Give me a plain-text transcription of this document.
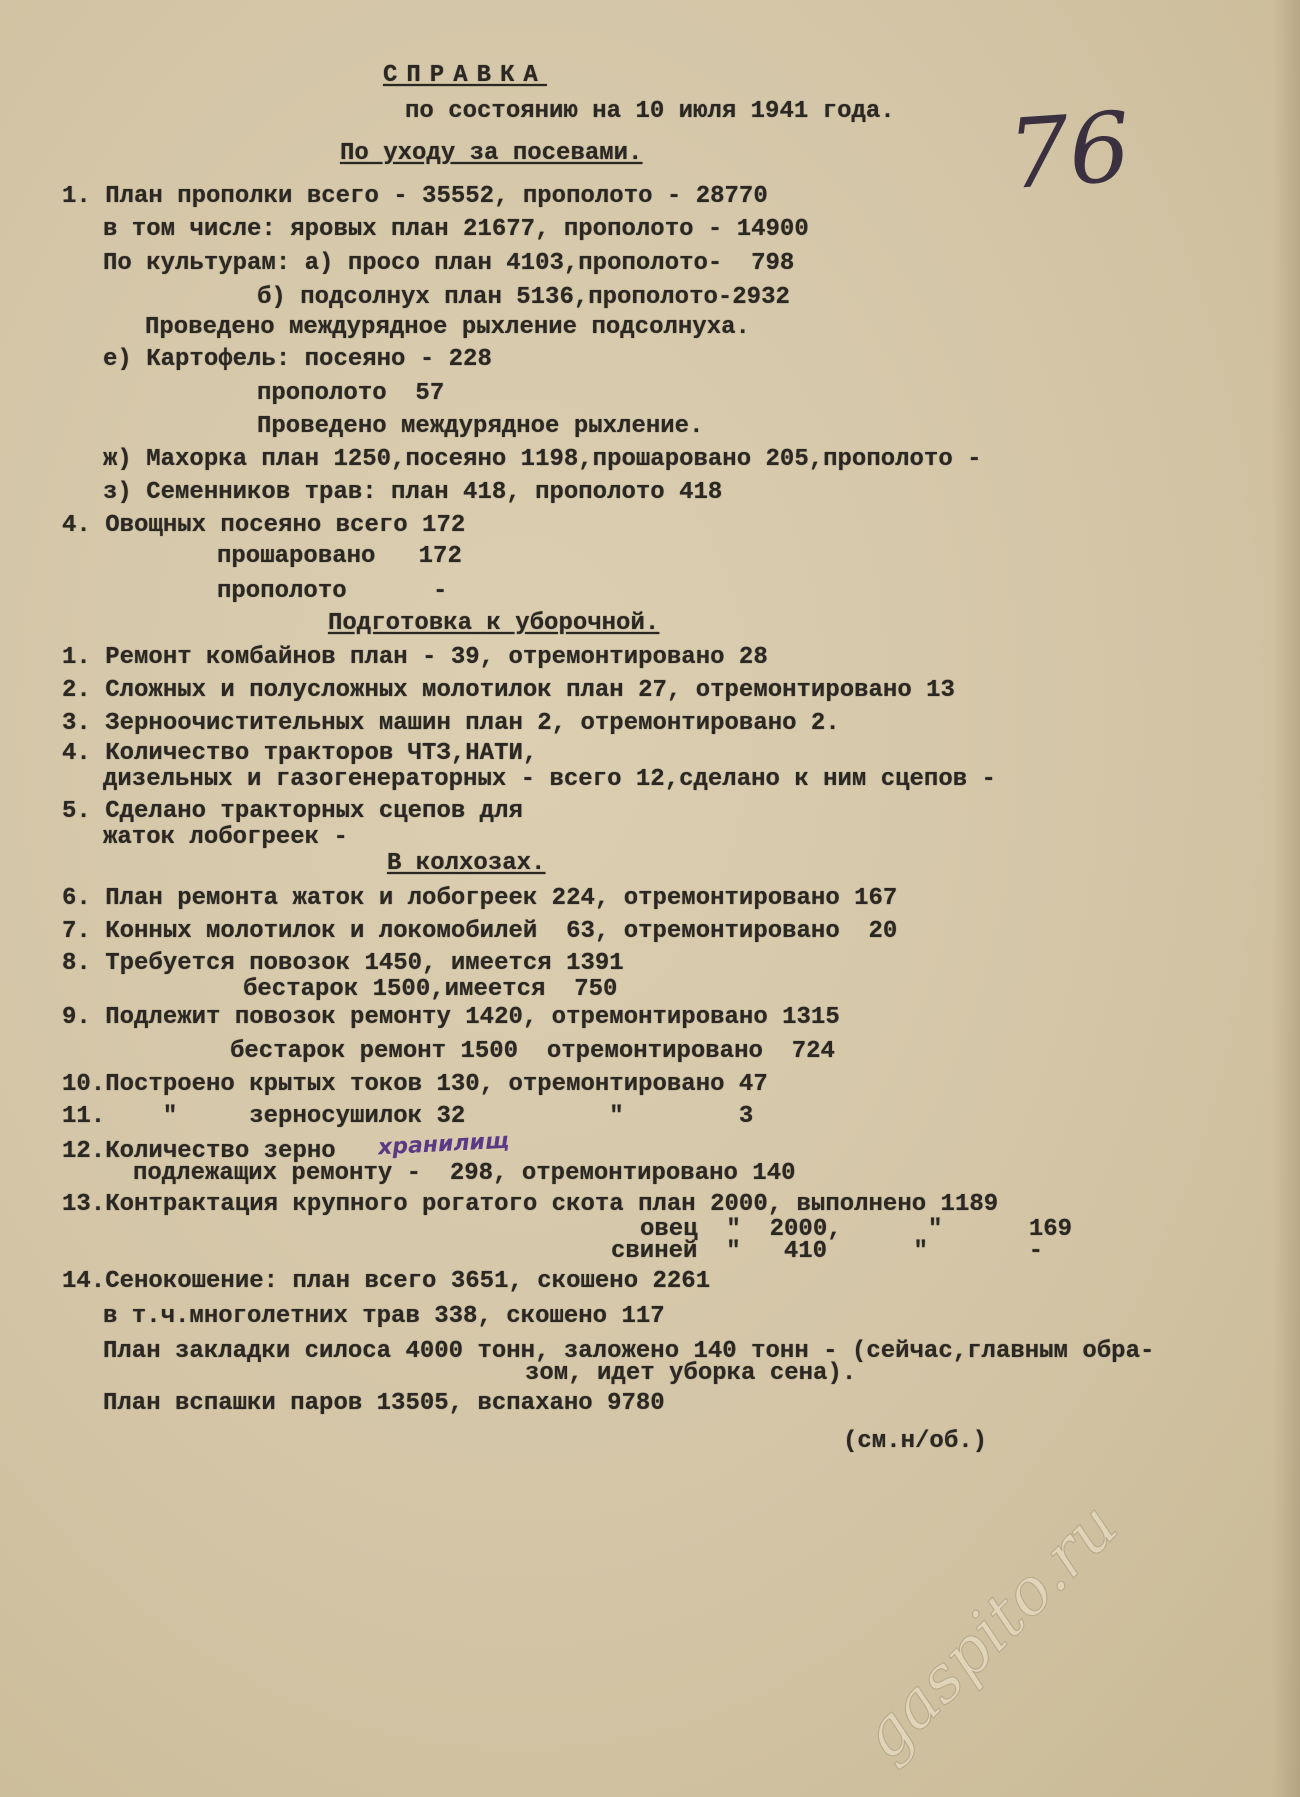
СПРАВКА
по состоянию на 10 июля 1941 года. 76
По уходу за посевами.
1. План прополки всего - 35552, прополото - 28770
в том числе: яровых план 21677, прополото - 14900
По культурам: а) просо план 4103,прополото-  798
б) подсолнух план 5136,прополото-2932
Проведено междурядное рыхление подсолнуха.
е) Картофель: посеяно - 228
прополото  57
Проведено междурядное рыхление.
ж) Махорка план 1250,посеяно 1198,прошаровано 205,прополото -
з) Семенников трав: план 418, прополото 418
4. Овощных посеяно всего 172
прошаровано   172
прополото      -
Подготовка к уборочной.
1. Ремонт комбайнов план - 39, отремонтировано 28
2. Сложных и полусложных молотилок план 27, отремонтировано 13
3. Зерноочистительных машин план 2, отремонтировано 2.
4. Количество тракторов ЧТЗ,НАТИ,
дизельных и газогенераторных - всего 12,сделано к ним сцепов -
5. Сделано тракторных сцепов для
жаток лобогреек -
В колхозах.
6. План ремонта жаток и лобогреек 224, отремонтировано 167
7. Конных молотилок и локомобилей  63, отремонтировано  20
8. Требуется повозок 1450, имеется 1391
бестарок 1500,имеется  750
9. Подлежит повозок ремонту 1420, отремонтировано 1315
бестарок ремонт 1500  отремонтировано  724
10.Построено крытых токов 130, отремонтировано 47
11.    "     зерносушилок 32          "        3
12.Количество зерно хранилищ
подлежащих ремонту -  298, отремонтировано 140
13.Контрактация крупного рогатого скота план 2000, выполнено 1189
овец  "  2000,      "      169
свиней  "   410      "       -
14.Сенокошение: план всего 3651, скошено 2261
в т.ч.многолетних трав 338, скошено 117
План закладки силоса 4000 тонн, заложено 140 тонн - (сейчас,главным обра-
зом, идет уборка сена).
План вспашки паров 13505, вспахано 9780
(см.н/об.)
gaspito.ru
